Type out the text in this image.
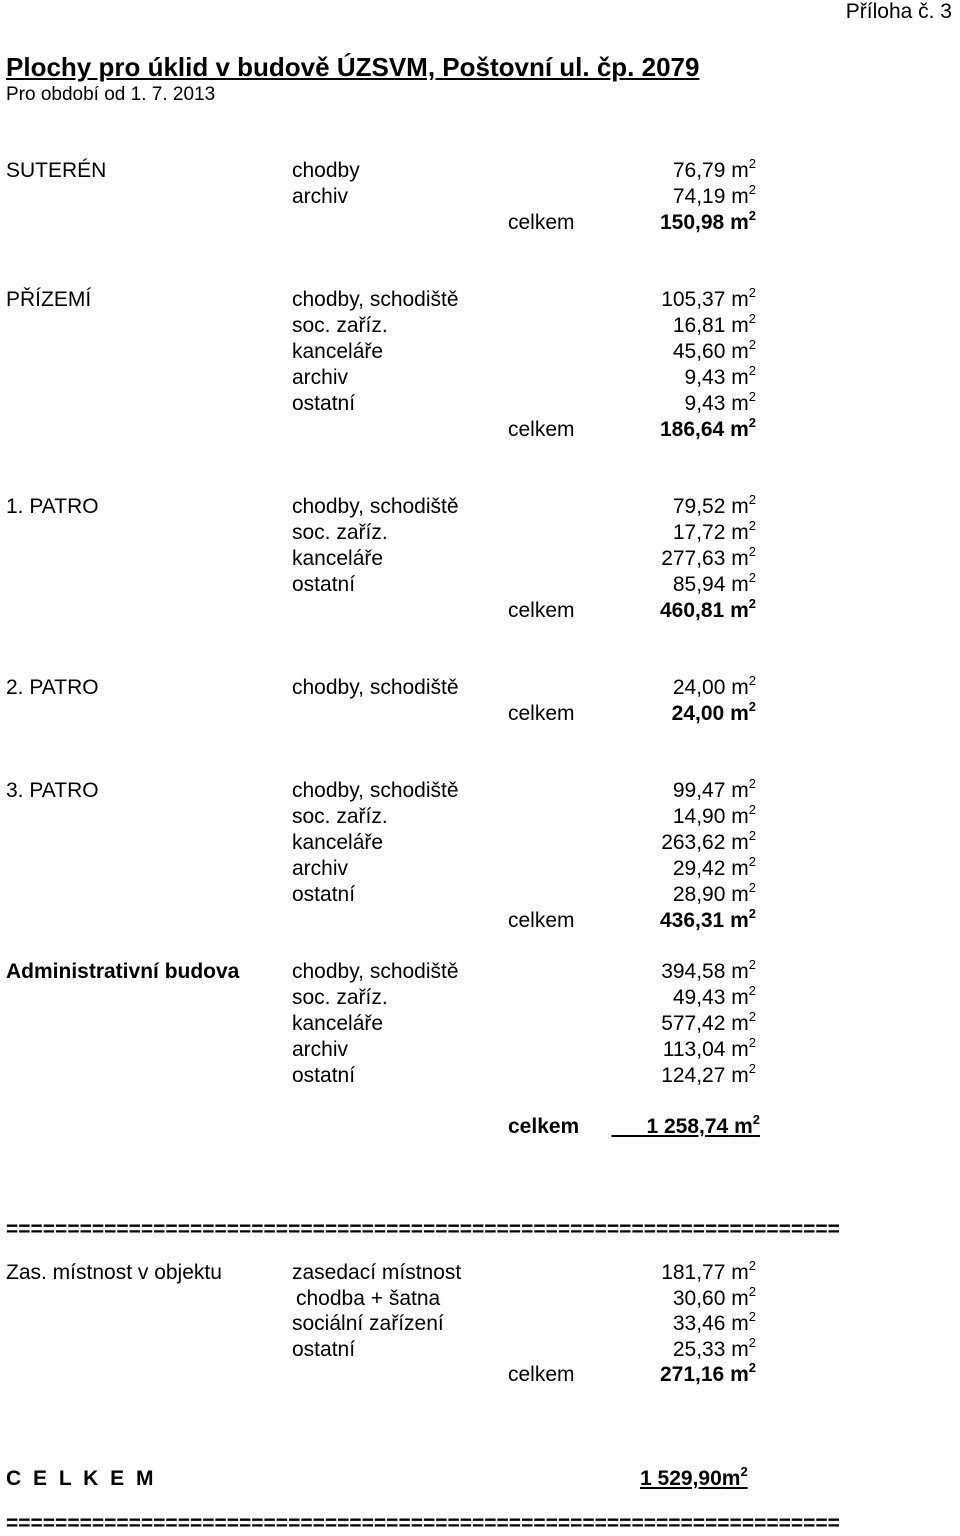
Příloha č. 3
Plochy pro úklid v budově ÚZSVM, Poštovní ul. čp. 2079
Pro období od 1. 7. 2013
SUTERÉN	chodby	76,79 $m^2$
archiv	74,19 $m^2$
celkem	150,98 $m^2$
PŘÍZEMÍ	chodby, schodiště	105,37 $m^2$
soc. zaříz.	16,81 $m^2$
kanceláře	45,60 $m^2$
archiv	9,43 $m^2$
ostatní	9,43 $m^2$
celkem	186,64 $m^2$
1. PATRO	chodby, schodiště	79,52 $m^2$
soc. zaříz.	17,72 $m^2$
kanceláře	277,63 $m^2$
ostatní	85,94 $m^2$
celkem	460,81 $m^2$
2. PATRO	chodby, schodiště	24,00 $m^2$
celkem	24,00 $m^2$
3. PATRO	chodby, schodiště	99,47 $m^2$
soc. zaříz.	14,90 $m^2$
kanceláře	263,62 $m^2$
archiv	29,42 $m^2$
ostatní	28,90 $m^2$
celkem	436,31 $m^2$
Administrativní budova	chodby, schodiště	394,58 $m^2$
soc. zaříz.	49,43 $m^2$
kanceláře	577,42 $m^2$
archiv	113,04 $m^2$
ostatní	124,27 $m^2$
celkem	1 258,74 $m^2$
====================================================================
Zas. místnost v objektu	zasedací místnost	181,77 $m^2$
chodba + šatna	30,60 $m^2$
sociální zařízení	33,46 $m^2$
ostatní	25,33 $m^2$
celkem	271,16 $m^2$
C E L K E M	1 $529,90m^2$
====================================================================
